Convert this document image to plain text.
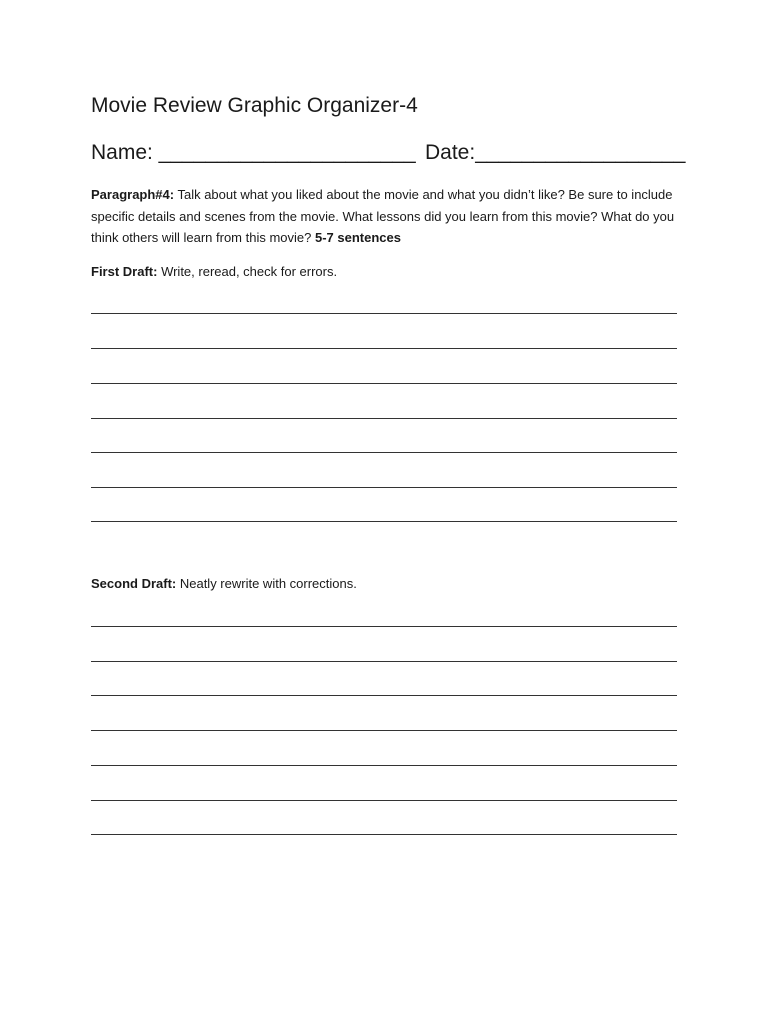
Movie Review Graphic Organizer-4
Name: ______________________ Date:__________________
Paragraph#4: Talk about what you liked about the movie and what you didn’t like? Be sure to include specific details and scenes from the movie. What lessons did you learn from this movie? What do you think others will learn from this movie? 5-7 sentences
First Draft: Write, reread, check for errors.
Second Draft: Neatly rewrite with corrections.
